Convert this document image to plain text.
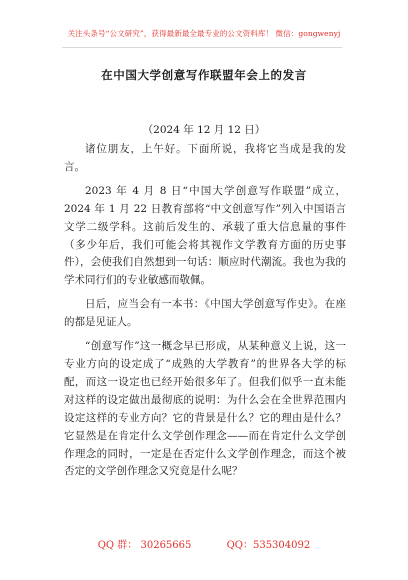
关注头条号“公文研究”，获得最新最全最专业的公文资料库！ 微信：gongwenyj
在中国大学创意写作联盟年会上的发言
（2024 年 12 月 12 日）

诸位朋友，上午好。下面所说，我将它当成是我的发言。

2023 年 4 月 8 日“中国大学创意写作联盟”成立，2024 年 1 月 22 日教育部将“中文创意写作”列入中国语言文学二级学科。这前后发生的、承载了重大信息量的事件（多少年后，我们可能会将其视作文学教育方面的历史事件），会使我们自然想到一句话：顺应时代潮流。我也为我的学术同行们的专业敏感而敬佩。

日后，应当会有一本书：《中国大学创意写作史》。在座的都是见证人。

“创意写作”这一概念早已形成，从某种意义上说，这一专业方向的设定成了“成熟的大学教育”的世界各大学的标配，而这一设定也已经开始很多年了。但我们似乎一直未能对这样的设定做出最彻底的说明：为什么会在全世界范围内设定这样的专业方向？它的背景是什么？它的理由是什么？它显然是在肯定什么文学创作理念——而在肯定什么文学创作理念的同时，一定是在否定什么文学创作理念，而这个被否定的文学创作理念又究竟是什么呢？

QQ 群： 30265665	QQ：535304092
